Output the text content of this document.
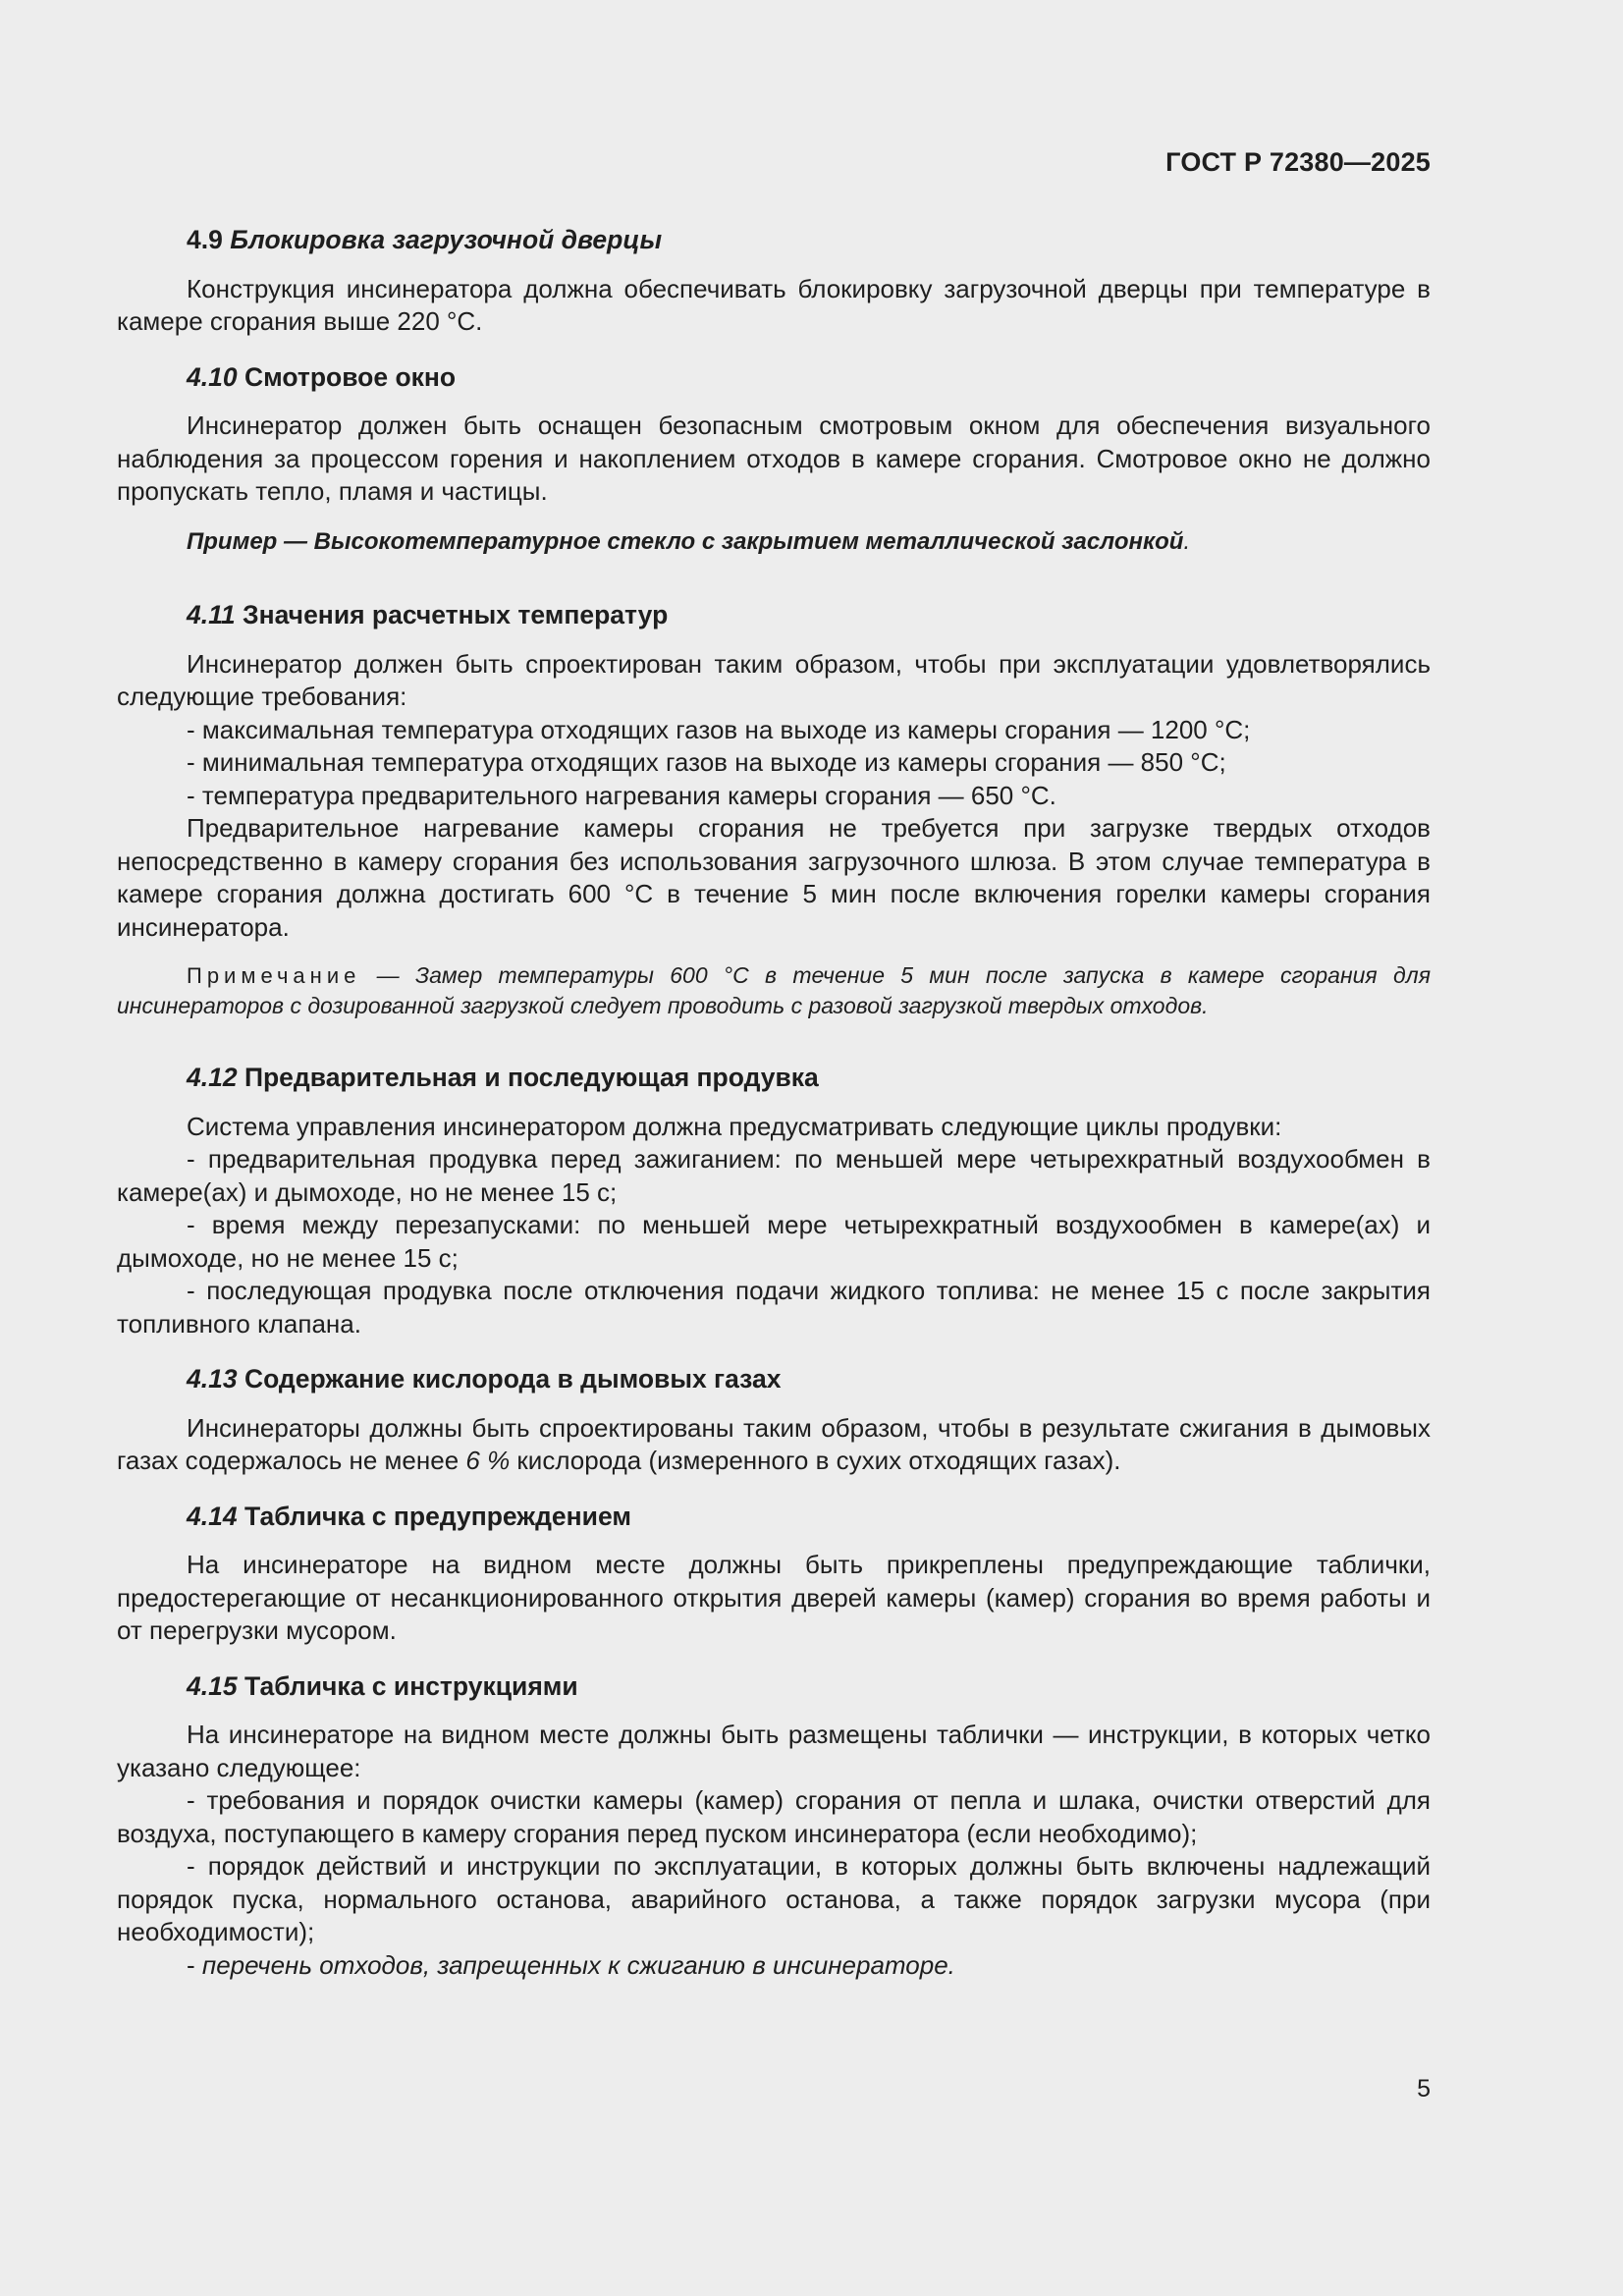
ГОСТ Р 72380—2025

4.9 Блокировка загрузочной дверцы

Конструкция инсинератора должна обеспечивать блокировку загрузочной дверцы при температуре в камере сгорания выше 220 °C.

4.10 Смотровое окно

Инсинератор должен быть оснащен безопасным смотровым окном для обеспечения визуального наблюдения за процессом горения и накоплением отходов в камере сгорания. Смотровое окно не должно пропускать тепло, пламя и частицы.

Пример — Высокотемпературное стекло с закрытием металлической заслонкой.

4.11 Значения расчетных температур

Инсинератор должен быть спроектирован таким образом, чтобы при эксплуатации удовлетворялись следующие требования:

- максимальная температура отходящих газов на выходе из камеры сгорания — 1200 °C;

- минимальная температура отходящих газов на выходе из камеры сгорания — 850 °C;

- температура предварительного нагревания камеры сгорания — 650 °C.

Предварительное нагревание камеры сгорания не требуется при загрузке твердых отходов непосредственно в камеру сгорания без использования загрузочного шлюза. В этом случае температура в камере сгорания должна достигать 600 °C в течение 5 мин после включения горелки камеры сгорания инсинератора.

Примечание — Замер температуры 600 °C в течение 5 мин после запуска в камере сгорания для инсинераторов с дозированной загрузкой следует проводить с разовой загрузкой твердых отходов.

4.12 Предварительная и последующая продувка

Система управления инсинератором должна предусматривать следующие циклы продувки:

- предварительная продувка перед зажиганием: по меньшей мере четырехкратный воздухообмен в камере(ах) и дымоходе, но не менее 15 с;

- время между перезапусками: по меньшей мере четырехкратный воздухообмен в камере(ах) и дымоходе, но не менее 15 с;

- последующая продувка после отключения подачи жидкого топлива: не менее 15 с после закрытия топливного клапана.

4.13 Содержание кислорода в дымовых газах

Инсинераторы должны быть спроектированы таким образом, чтобы в результате сжигания в дымовых газах содержалось не менее 6 % кислорода (измеренного в сухих отходящих газах).

4.14 Табличка с предупреждением

На инсинераторе на видном месте должны быть прикреплены предупреждающие таблички, предостерегающие от несанкционированного открытия дверей камеры (камер) сгорания во время работы и от перегрузки мусором.

4.15 Табличка с инструкциями

На инсинераторе на видном месте должны быть размещены таблички — инструкции, в которых четко указано следующее:

- требования и порядок очистки камеры (камер) сгорания от пепла и шлака, очистки отверстий для воздуха, поступающего в камеру сгорания перед пуском инсинератора (если необходимо);

- порядок действий и инструкции по эксплуатации, в которых должны быть включены надлежащий порядок пуска, нормального останова, аварийного останова, а также порядок загрузки мусора (при необходимости);

- перечень отходов, запрещенных к сжиганию в инсинераторе.

5
